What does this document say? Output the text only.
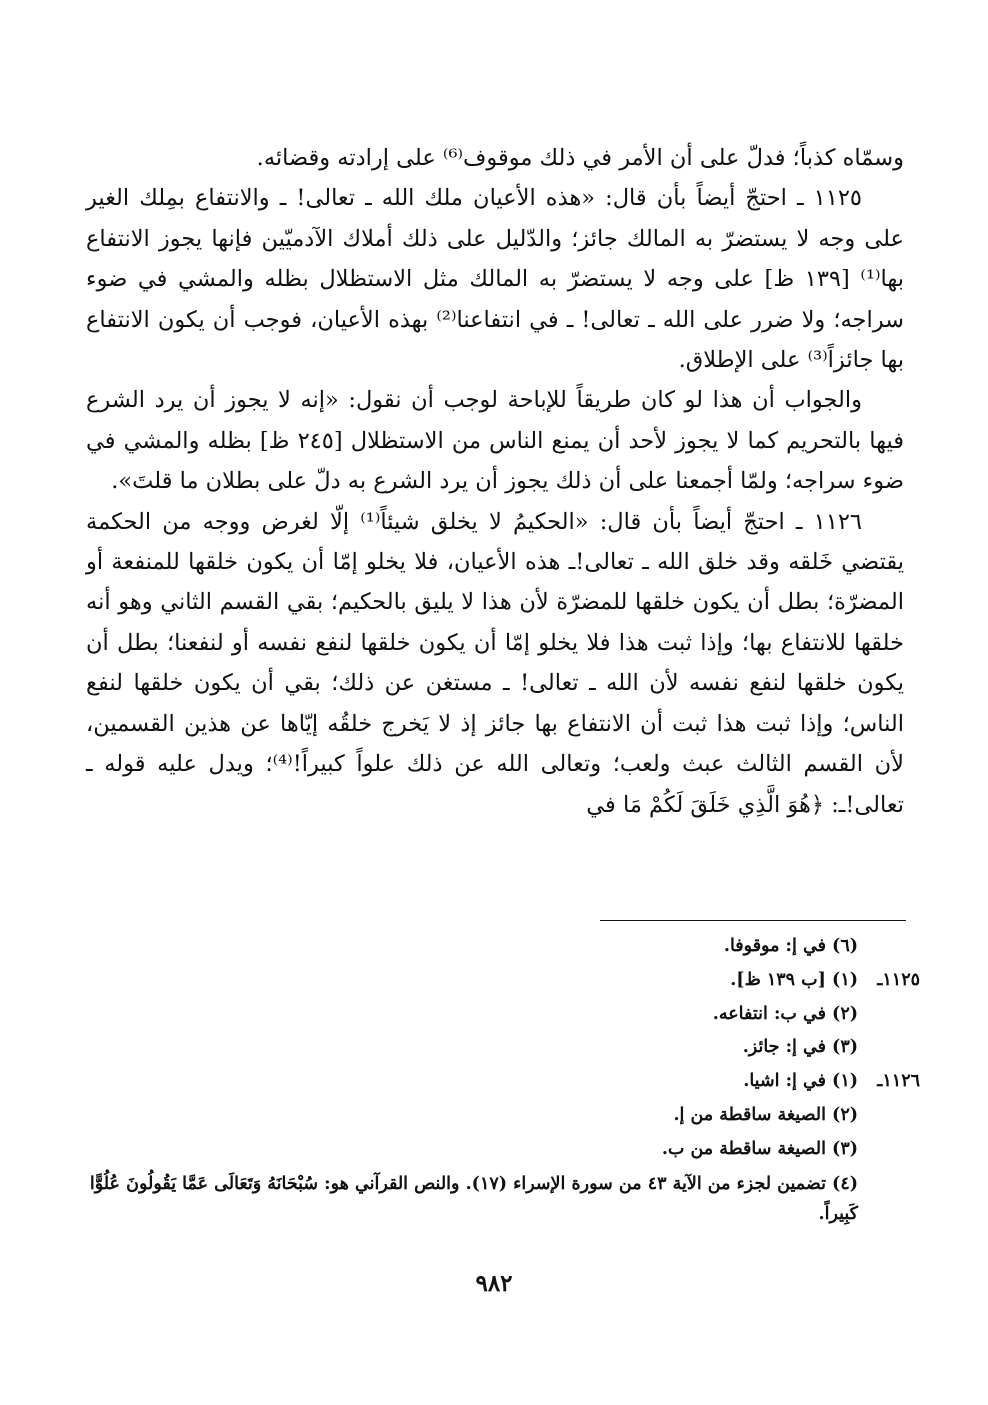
وسمّاه كذباً؛ فدلّ على أن الأمر في ذلك موقوف⁽⁶⁾ على إرادته وقضائه.

١١٢٥ ـ احتجّ أيضاً بأن قال: «هذه الأعيان ملك الله ـ تعالى! ـ والانتفاع بمِلك الغير على وجه لا يستضرّ به المالك جائز؛ والدّليل على ذلك أملاك الآدميّين فإنها يجوز الانتفاع بها⁽¹⁾ [١٣٩ ظ] على وجه لا يستضرّ به المالك مثل الاستظلال بظله والمشي في ضوء سراجه؛ ولا ضرر على الله ـ تعالى! ـ في انتفاعنا⁽²⁾ بهذه الأعيان، فوجب أن يكون الانتفاع بها جائزاً⁽³⁾ على الإطلاق.

والجواب أن هذا لو كان طريقاً للإباحة لوجب أن نقول: «إنه لا يجوز أن يرد الشرع فيها بالتحريم كما لا يجوز لأحد أن يمنع الناس من الاستظلال [٢٤٥ ظ] بظله والمشي في ضوء سراجه؛ ولمّا أجمعنا على أن ذلك يجوز أن يرد الشرع به دلّ على بطلان ما قلتَ».

١١٢٦ ـ احتجّ أيضاً بأن قال: «الحكيمُ لا يخلق شيئاً⁽¹⁾ إلّا لغرض ووجه من الحكمة يقتضي خَلقه وقد خلق الله ـ تعالى!ـ هذه الأعيان، فلا يخلو إمّا أن يكون خلقها للمنفعة أو المضرّة؛ بطل أن يكون خلقها للمضرّة لأن هذا لا يليق بالحكيم؛ بقي القسم الثاني وهو أنه خلقها للانتفاع بها؛ وإذا ثبت هذا فلا يخلو إمّا أن يكون خلقها لنفع نفسه أو لنفعنا؛ بطل أن يكون خلقها لنفع نفسه لأن الله ـ تعالى! ـ مستغن عن ذلك؛ بقي أن يكون خلقها لنفع الناس؛ وإذا ثبت هذا ثبت أن الانتفاع بها جائز إذ لا يَخرج خلقُه إيّاها عن هذين القسمين، لأن القسم الثالث عبث ولعب؛ وتعالى الله عن ذلك علواً كبيراً!⁽⁴⁾؛ ويدل عليه قوله ـ تعالى!ـ: ﴿هُوَ الَّذِي خَلَقَ لَكُمْ مَا في

(٦) في إ: موقوفا.
١١٢٥ـ
(١) [ب ١٣٩ ظ].
(٢) في ب: انتفاعه.
(٣) في إ: جائز.
١١٢٦ـ
(١) في إ: اشيا.
(٢) الصيغة ساقطة من إ.
(٣) الصيغة ساقطة من ب.
(٤) تضمين لجزء من الآية ٤٣ من سورة الإسراء (١٧). والنص القرآني هو: سُبْحَانَهُ وَتَعَالَى عَمَّا يَقُولُونَ عُلُوًّا كَبِيراً.
٩٨٢
